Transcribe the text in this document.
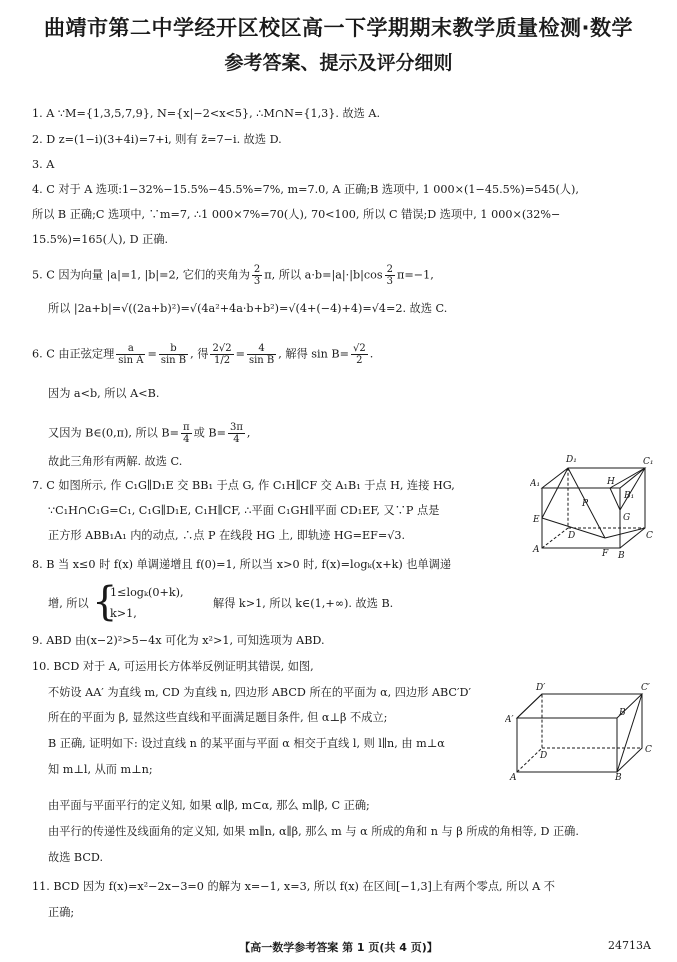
曲靖市第二中学经开区校区高一下学期期末教学质量检测·数学
参考答案、提示及评分细则
1. A ∵M={1,3,5,7,9}, N={x|−2<x<5}, ∴M∩N={1,3}. 故选 A.
2. D z=(1−i)(3+4i)=7+i, 则有 z̄=7−i. 故选 D.
3. A
4. C 对于 A 选项:1−32%−15.5%−45.5%=7%, m=7.0, A 正确;B 选项中, 1 000×(1−45.5%)=545(人),
所以 B 正确;C 选项中, ∵m=7, ∴1 000×7%=70(人), 70<100, 所以 C 错误;D 选项中, 1 000×(32%−
15.5%)=165(人), D 正确.
5. C 因为向量 |a|=1, |b|=2, 它们的夹角为 $\frac{2}{3} \pi$, 所以 $a\cdot b=|a|\cdot|b|\cos \frac{2}{3} \pi=-1$,
所以 |2a+b|=√((2a+b)²)=√(4a²+4a·b+b²)=√(4+(−4)+4)=√4=2. 故选 C.
6. C 由正弦定理 $\frac{a}{\text{sin A}} = \frac{b}{\text{sin B}}$ , 得 $\frac{2√2}{1/2} = \frac{4}{\text{sin B}}$ , 解得 $\sin B= \frac{√2}{2}$ .
因为 a<b, 所以 A<B.
又因为 B∈(0,π), 所以 $B= \frac{\pi}{4}$ 或 $B= \frac{3\pi}{4}$ ,
故此三角形有两解. 故选 C.
7. C 如图所示, 作 C₁G∥D₁E 交 BB₁ 于点 G, 作 C₁H∥CF 交 A₁B₁ 于点 H, 连接 HG,
∵C₁H∩C₁G=C₁, C₁G∥D₁E, C₁H∥CF, ∴平面 C₁GH∥平面 CD₁EF, 又∵P 点是
正方形 ABB₁A₁ 内的动点, ∴点 P 在线段 HG 上, 即轨迹 HG=EF=√3.
D₁
A₁
B₁
C₁
H
G
E
P
D
A	F B
C
8. B 当 x≤0 时 f(x) 单调递增且 f(0)=1, 所以当 x>0 时, f(x)=logₖ(x+k) 也单调递
增, 所以 {
1≤logₖ(0+k),
k>1,
解得 k>1, 所以 k∈(1,+∞). 故选 B.
9. ABD 由(x−2)²>5−4x 可化为 x²>1, 可知选项为 ABD.
10. BCD 对于 A, 可运用长方体举反例证明其错误, 如图,
不妨设 AA′ 为直线 m, CD 为直线 n, 四边形 ABCD 所在的平面为 α, 四边形 ABC′D′
所在的平面为 β, 显然这些直线和平面满足题目条件, 但 α⊥β 不成立;
B 正确, 证明如下: 设过直线 n 的某平面与平面 α 相交于直线 l, 则 l∥n, 由 m⊥α
知 m⊥l, 从而 m⊥n;
D′	C′
A′
B′
D
C
A	B
由平面与平面平行的定义知, 如果 α∥β, m⊂α, 那么 m∥β, C 正确;
由平行的传递性及线面角的定义知, 如果 m∥n, α∥β, 那么 m 与 α 所成的角和 n 与 β 所成的角相等, D 正确.
故选 BCD.
11. BCD 因为 f(x)=x²−2x−3=0 的解为 x=−1, x=3, 所以 f(x) 在区间[−1,3]上有两个零点, 所以 A 不
正确;
【高一数学参考答案 第 1 页(共 4 页)】	24713A
